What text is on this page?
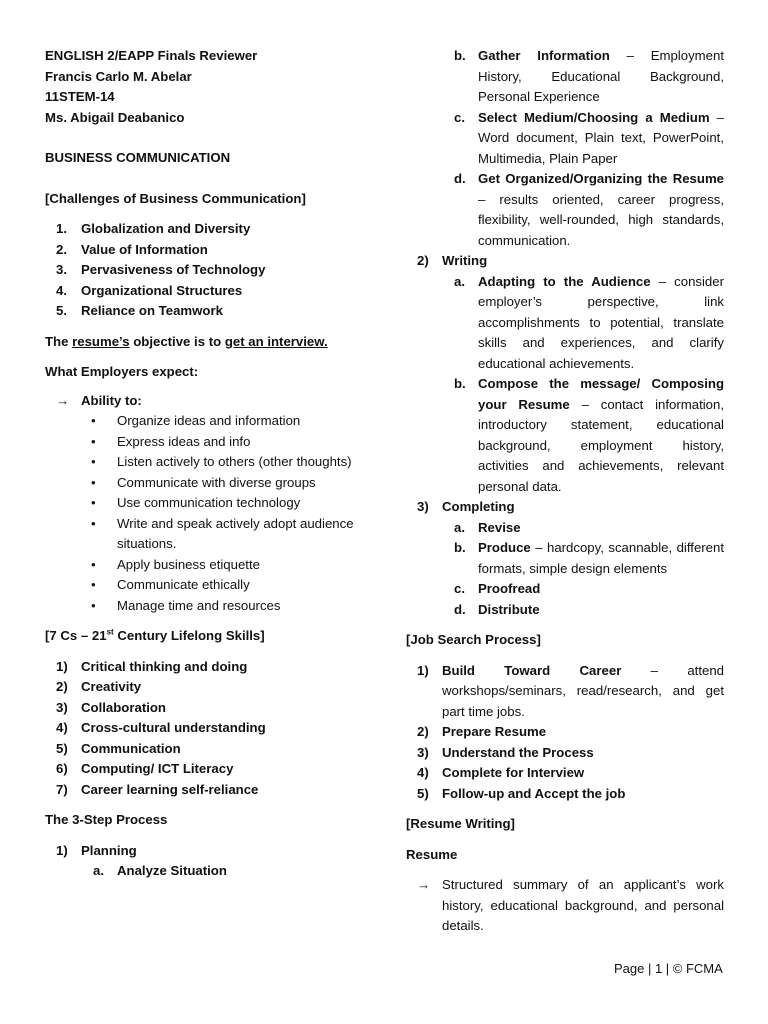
ENGLISH 2/EAPP Finals Reviewer
Francis Carlo M. Abelar
11STEM-14
Ms. Abigail Deabanico

BUSINESS COMMUNICATION

[Challenges of Business Communication]

1.	Globalization and Diversity
2.	Value of Information
3.	Pervasiveness of Technology
4.	Organizational Structures
5.	Reliance on Teamwork

The resume’s objective is to get an interview.

What Employers expect:

→ Ability to:
•	Organize ideas and information
•	Express ideas and info
•	Listen actively to others (other thoughts)
•	Communicate with diverse groups
•	Use communication technology
•	Write and speak actively adopt audience situations.
•	Apply business etiquette
•	Communicate ethically
•	Manage time and resources

[7 Cs – 21st Century Lifelong Skills]

1)	Critical thinking and doing
2)	Creativity
3)	Collaboration
4)	Cross-cultural understanding
5)	Communication
6)	Computing/ ICT Literacy
7)	Career learning self-reliance

The 3-Step Process

1)	Planning
a. Analyze Situation
b. Gather Information – Employment History, Educational Background, Personal Experience
c. Select Medium/Choosing a Medium – Word document, Plain text, PowerPoint, Multimedia, Plain Paper
d. Get Organized/Organizing the Resume – results oriented, career progress, flexibility, well-rounded, high standards, communication.
2)	Writing
a. Adapting to the Audience – consider employer’s perspective, link accomplishments to potential, translate skills and experiences, and clarify educational achievements.
b. Compose the message/ Composing your Resume – contact information, introductory statement, educational background, employment history, activities and achievements, relevant personal data.
3)	Completing
a. Revise
b. Produce – hardcopy, scannable, different formats, simple design elements
c. Proofread
d. Distribute

[Job Search Process]

1)	Build Toward Career – attend workshops/seminars, read/research, and get part time jobs.
2)	Prepare Resume
3)	Understand the Process
4)	Complete for Interview
5)	Follow-up and Accept the job

[Resume Writing]

Resume

→ Structured summary of an applicant’s work history, educational background, and personal details.
Page | 1 | © FCMA
